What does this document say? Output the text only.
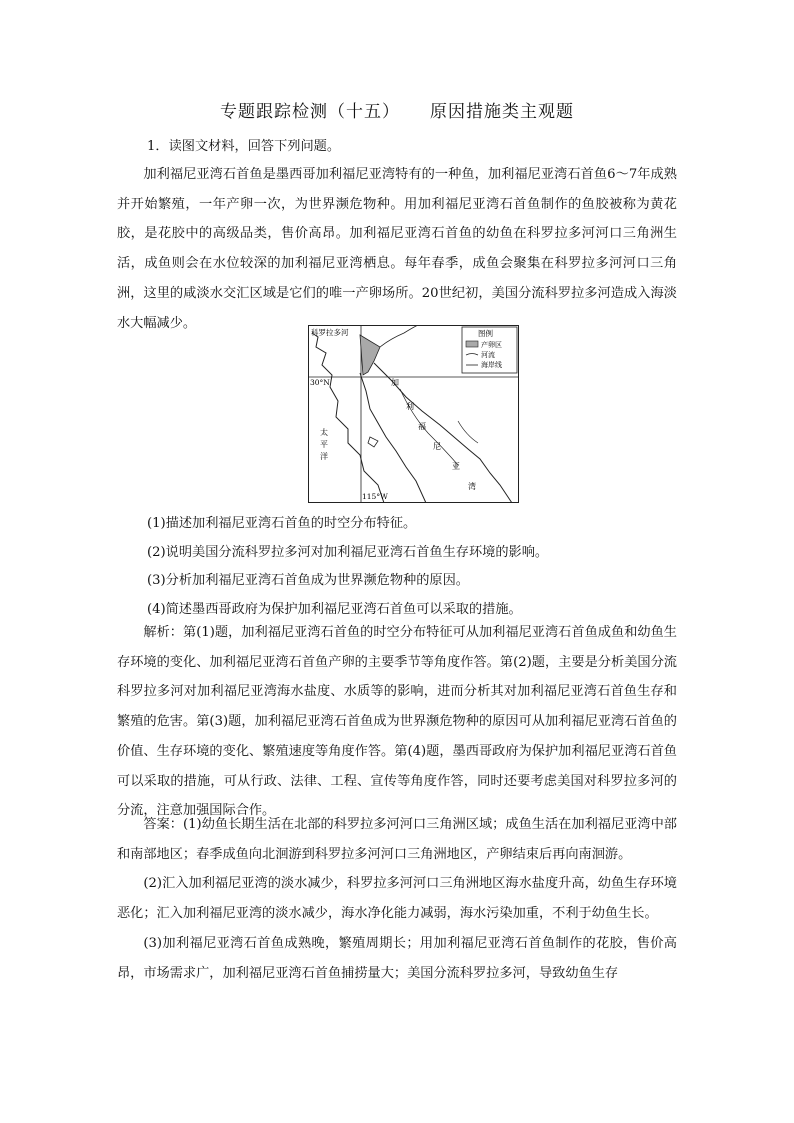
专题跟踪检测（十五） 原因措施类主观题

1．读图文材料，回答下列问题。

加利福尼亚湾石首鱼是墨西哥加利福尼亚湾特有的一种鱼，加利福尼亚湾石首鱼6～7年成熟并开始繁殖，一年产卵一次，为世界濒危物种。用加利福尼亚湾石首鱼制作的鱼胶被称为黄花胶，是花胶中的高级品类，售价高昂。加利福尼亚湾石首鱼的幼鱼在科罗拉多河河口三角洲生活，成鱼则会在水位较深的加利福尼亚湾栖息。每年春季，成鱼会聚集在科罗拉多河河口三角洲，这里的咸淡水交汇区域是它们的唯一产卵场所。20世纪初，美国分流科罗拉多河造成入海淡水大幅减少。

科罗拉多河
30°N
115°W
太
平
洋
加
利
福
尼
亚
湾
图例
产卵区
河流
海岸线
(1)描述加利福尼亚湾石首鱼的时空分布特征。
(2)说明美国分流科罗拉多河对加利福尼亚湾石首鱼生存环境的影响。
(3)分析加利福尼亚湾石首鱼成为世界濒危物种的原因。
(4)简述墨西哥政府为保护加利福尼亚湾石首鱼可以采取的措施。

解析：第(1)题，加利福尼亚湾石首鱼的时空分布特征可从加利福尼亚湾石首鱼成鱼和幼鱼生存环境的变化、加利福尼亚湾石首鱼产卵的主要季节等角度作答。第(2)题，主要是分析美国分流科罗拉多河对加利福尼亚湾海水盐度、水质等的影响，进而分析其对加利福尼亚湾石首鱼生存和繁殖的危害。第(3)题，加利福尼亚湾石首鱼成为世界濒危物种的原因可从加利福尼亚湾石首鱼的价值、生存环境的变化、繁殖速度等角度作答。第(4)题，墨西哥政府为保护加利福尼亚湾石首鱼可以采取的措施，可从行政、法律、工程、宣传等角度作答，同时还要考虑美国对科罗拉多河的分流，注意加强国际合作。

答案：(1)幼鱼长期生活在北部的科罗拉多河河口三角洲区域；成鱼生活在加利福尼亚湾中部和南部地区；春季成鱼向北洄游到科罗拉多河河口三角洲地区，产卵结束后再向南洄游。

(2)汇入加利福尼亚湾的淡水减少，科罗拉多河河口三角洲地区海水盐度升高，幼鱼生存环境恶化；汇入加利福尼亚湾的淡水减少，海水净化能力减弱，海水污染加重，不利于幼鱼生长。

(3)加利福尼亚湾石首鱼成熟晚，繁殖周期长；用加利福尼亚湾石首鱼制作的花胶，售价高昂，市场需求广，加利福尼亚湾石首鱼捕捞量大；美国分流科罗拉多河，导致幼鱼生存
